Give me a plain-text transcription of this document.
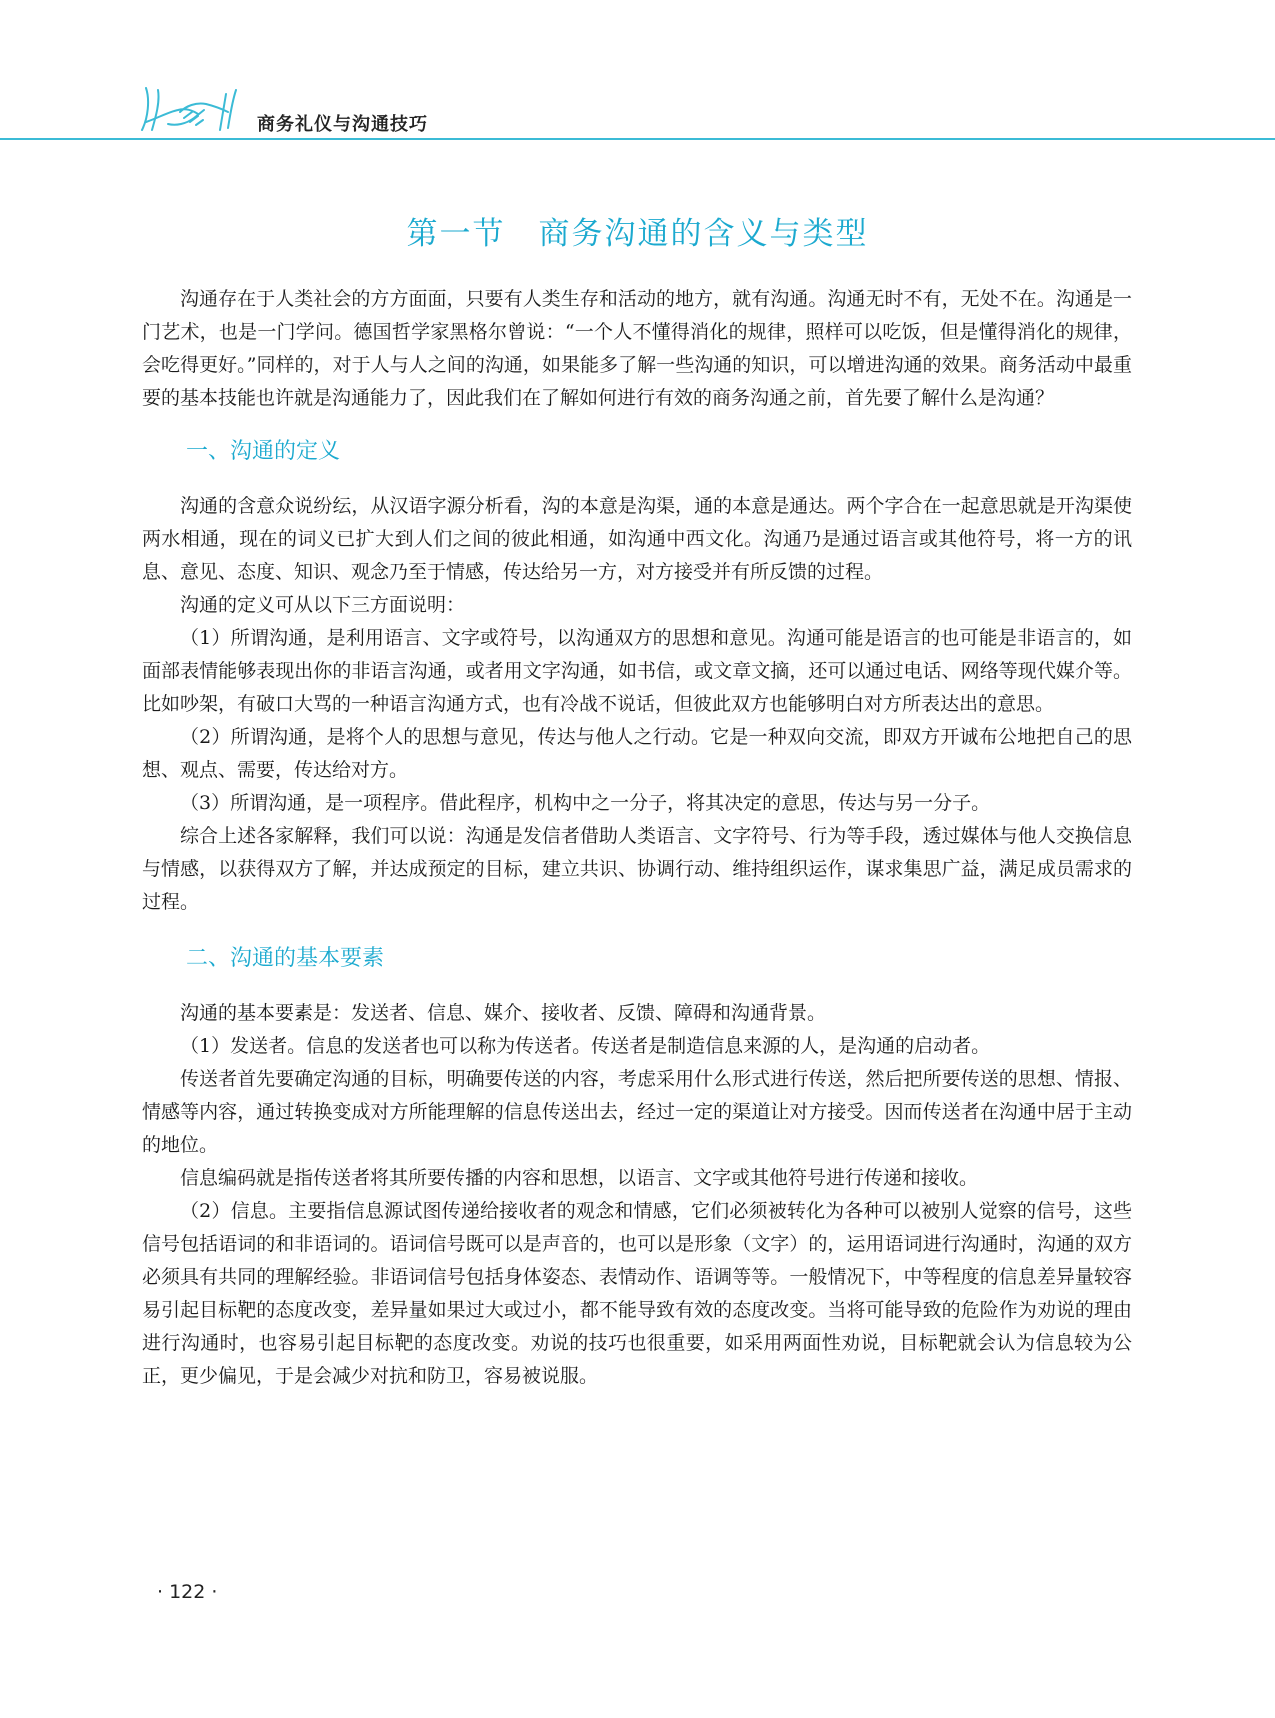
商务礼仪与沟通技巧
第一节　商务沟通的含义与类型

沟通存在于人类社会的方方面面，只要有人类生存和活动的地方，就有沟通。沟通无时不有，无处不在。沟通是一门艺术，也是一门学问。德国哲学家黑格尔曾说：“一个人不懂得消化的规律，照样可以吃饭，但是懂得消化的规律，会吃得更好。”同样的，对于人与人之间的沟通，如果能多了解一些沟通的知识，可以增进沟通的效果。商务活动中最重要的基本技能也许就是沟通能力了，因此我们在了解如何进行有效的商务沟通之前，首先要了解什么是沟通？

一、沟通的定义

沟通的含意众说纷纭，从汉语字源分析看，沟的本意是沟渠，通的本意是通达。两个字合在一起意思就是开沟渠使两水相通，现在的词义已扩大到人们之间的彼此相通，如沟通中西文化。沟通乃是通过语言或其他符号，将一方的讯息、意见、态度、知识、观念乃至于情感，传达给另一方，对方接受并有所反馈的过程。

沟通的定义可从以下三方面说明：

（1）所谓沟通，是利用语言、文字或符号，以沟通双方的思想和意见。沟通可能是语言的也可能是非语言的，如面部表情能够表现出你的非语言沟通，或者用文字沟通，如书信，或文章文摘，还可以通过电话、网络等现代媒介等。比如吵架，有破口大骂的一种语言沟通方式，也有冷战不说话，但彼此双方也能够明白对方所表达出的意思。

（2）所谓沟通，是将个人的思想与意见，传达与他人之行动。它是一种双向交流，即双方开诚布公地把自己的思想、观点、需要，传达给对方。

（3）所谓沟通，是一项程序。借此程序，机构中之一分子，将其决定的意思，传达与另一分子。

综合上述各家解释，我们可以说：沟通是发信者借助人类语言、文字符号、行为等手段，透过媒体与他人交换信息与情感，以获得双方了解，并达成预定的目标，建立共识、协调行动、维持组织运作，谋求集思广益，满足成员需求的过程。

二、沟通的基本要素

沟通的基本要素是：发送者、信息、媒介、接收者、反馈、障碍和沟通背景。

（1）发送者。信息的发送者也可以称为传送者。传送者是制造信息来源的人，是沟通的启动者。

传送者首先要确定沟通的目标，明确要传送的内容，考虑采用什么形式进行传送，然后把所要传送的思想、情报、情感等内容，通过转换变成对方所能理解的信息传送出去，经过一定的渠道让对方接受。因而传送者在沟通中居于主动的地位。

信息编码就是指传送者将其所要传播的内容和思想，以语言、文字或其他符号进行传递和接收。

（2）信息。主要指信息源试图传递给接收者的观念和情感，它们必须被转化为各种可以被别人觉察的信号，这些信号包括语词的和非语词的。语词信号既可以是声音的，也可以是形象（文字）的，运用语词进行沟通时，沟通的双方必须具有共同的理解经验。非语词信号包括身体姿态、表情动作、语调等等。一般情况下，中等程度的信息差异量较容易引起目标靶的态度改变，差异量如果过大或过小，都不能导致有效的态度改变。当将可能导致的危险作为劝说的理由进行沟通时，也容易引起目标靶的态度改变。劝说的技巧也很重要，如采用两面性劝说，目标靶就会认为信息较为公正，更少偏见，于是会减少对抗和防卫，容易被说服。

· 122 ·
